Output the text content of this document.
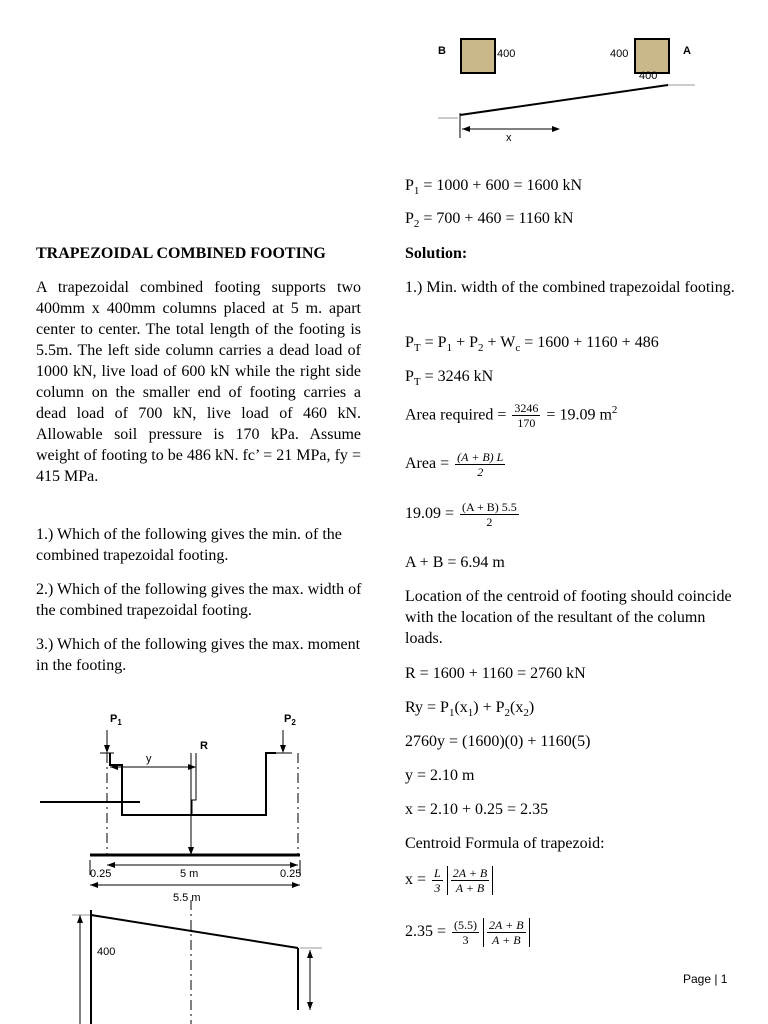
B	400	400
400
A
x
TRAPEZOIDAL COMBINED FOOTING
A trapezoidal combined footing supports two 400mm x 400mm columns placed at 5 m. apart center to center. The total length of the footing is 5.5m. The left side column carries a dead load of 1000 kN, live load of 600 kN while the right side column on the smaller end of footing carries a dead load of 700 kN, live load of 460 kN. Allowable soil pressure is 170 kPa. Assume weight of footing to be 486 kN. fc’ = 21 MPa, fy = 415 MPa.
1.) Which of the following gives the min. of the combined trapezoidal footing.
2.) Which of the following gives the max. width of the combined trapezoidal footing.
3.) Which of the following gives the max. moment in the footing.
$P_1$	$P_2$
R
y
0.25	5 m	0.25
5.5 m
400
$P_1 = 1000 + 600 = 1600$ kN
$P_2 = 700 + 460 = 1160$ kN
Solution:
1.) Min. width of the combined trapezoidal footing.
$P_T = P_1 + P_2 + W_c = 1600 + 1160 + 486$
$P_T = 3246$ kN
Area required = $\frac{3246}{170} = 19.09$ $m^2$
Area = $\frac{(A + B) L}{2}$
$19.09 = \frac{(A + B) 5.5}{2}$
A + B = 6.94 m
Location of the centroid of footing should coincide with the location of the resultant of the column loads.
R = 1600 + 1160 = 2760 kN
$Ry = P_1(x_1) + P_2(x_2)$
2760y = (1600)(0) + 1160(5)
y = 2.10 m
x = 2.10 + 0.25 = 2.35
Centroid Formula of trapezoid:
$x = \frac{L}{3} \frac{2A + B}{A + B}$
$2.35 = \frac{(5.5)}{3} \frac{2A + B}{A + B}$
Page | 1
